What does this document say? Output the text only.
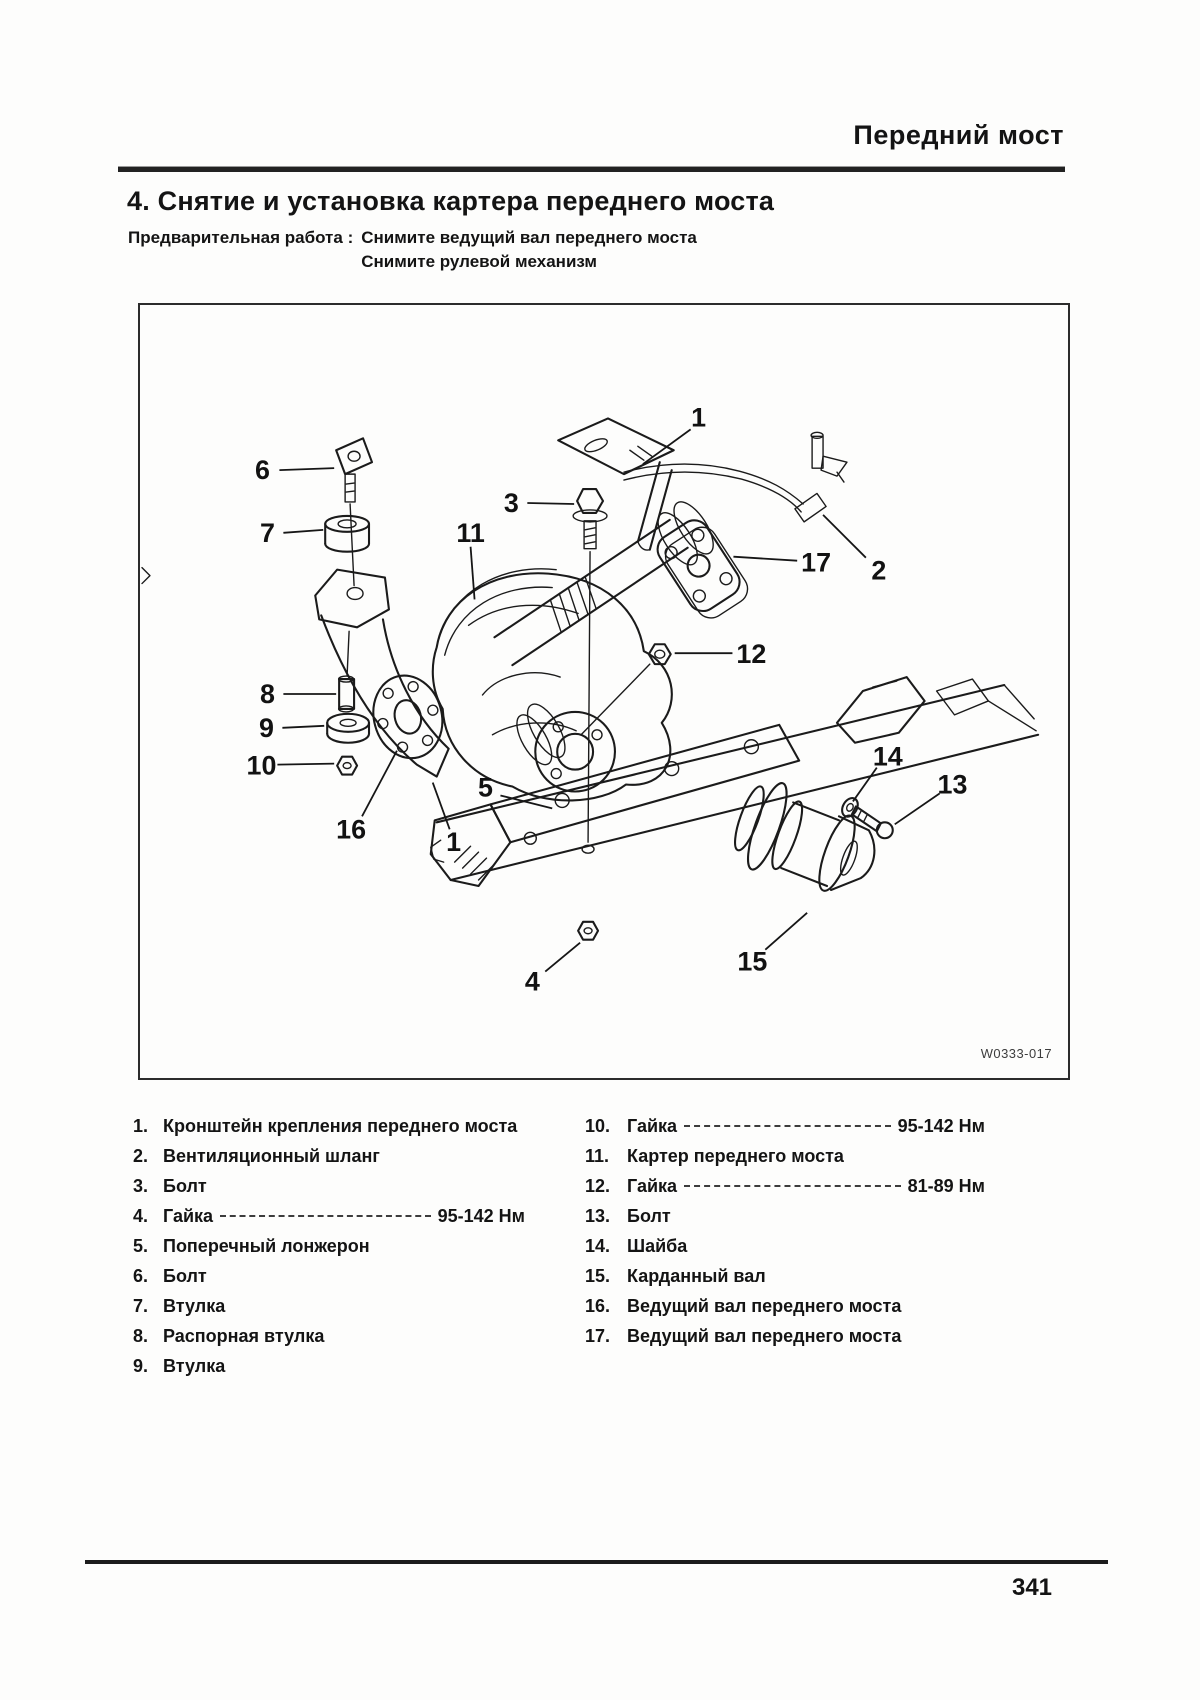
Передний мост
4. Снятие и установка картера переднего моста
Предварительная работа : Снимите ведущий вал переднего моста
Снимите рулевой механизм
1
6
3
7	11
17 2
12
8
9
10
16	1
5
14
13
15
4
W0333-017
1. Кронштейн крепления переднего моста
2. Вентиляционный шланг
3. Болт
4. Гайка	95-142 Нм
5. Поперечный лонжерон
6. Болт
7. Втулка
8. Распорная втулка
9. Втулка
10. Гайка	95-142 Нм
11. Картер переднего моста
12. Гайка	81-89 Нм
13. Болт
14. Шайба
15. Карданный вал
16. Ведущий вал переднего моста
17. Ведущий вал переднего моста
341
